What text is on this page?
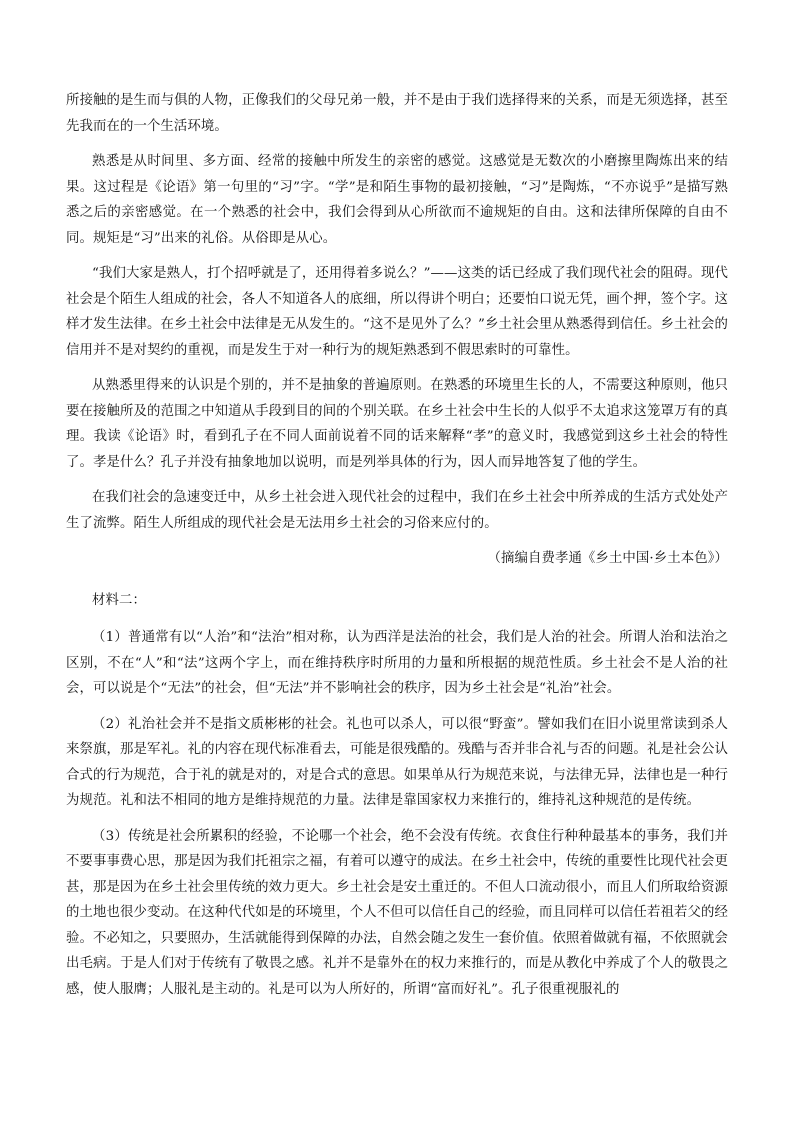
所接触的是生而与俱的人物，正像我们的父母兄弟一般，并不是由于我们选择得来的关系，而是无须选择，甚至先我而在的一个生活环境。

熟悉是从时间里、多方面、经常的接触中所发生的亲密的感觉。这感觉是无数次的小磨擦里陶炼出来的结果。这过程是《论语》第一句里的“习”字。“学”是和陌生事物的最初接触，“习”是陶炼，“不亦说乎”是描写熟悉之后的亲密感觉。在一个熟悉的社会中，我们会得到从心所欲而不逾规矩的自由。这和法律所保障的自由不同。规矩是“习”出来的礼俗。从俗即是从心。

“我们大家是熟人，打个招呼就是了，还用得着多说么？”——这类的话已经成了我们现代社会的阻碍。现代社会是个陌生人组成的社会，各人不知道各人的底细，所以得讲个明白；还要怕口说无凭，画个押，签个字。这样才发生法律。在乡土社会中法律是无从发生的。“这不是见外了么？”乡土社会里从熟悉得到信任。乡土社会的信用并不是对契约的重视，而是发生于对一种行为的规矩熟悉到不假思索时的可靠性。

从熟悉里得来的认识是个别的，并不是抽象的普遍原则。在熟悉的环境里生长的人，不需要这种原则，他只要在接触所及的范围之中知道从手段到目的间的个别关联。在乡土社会中生长的人似乎不太追求这笼罩万有的真理。我读《论语》时，看到孔子在不同人面前说着不同的话来解释“孝”的意义时，我感觉到这乡土社会的特性了。孝是什么？孔子并没有抽象地加以说明，而是列举具体的行为，因人而异地答复了他的学生。

在我们社会的急速变迁中，从乡土社会进入现代社会的过程中，我们在乡土社会中所养成的生活方式处处产生了流弊。陌生人所组成的现代社会是无法用乡土社会的习俗来应付的。

（摘编自费孝通《乡土中国·乡土本色》）

材料二：

（1）普通常有以“人治”和“法治”相对称，认为西洋是法治的社会，我们是人治的社会。所谓人治和法治之区别，不在“人”和“法”这两个字上，而在维持秩序时所用的力量和所根据的规范性质。乡土社会不是人治的社会，可以说是个“无法”的社会，但“无法”并不影响社会的秩序，因为乡土社会是“礼治”社会。

（2）礼治社会并不是指文质彬彬的社会。礼也可以杀人，可以很“野蛮”。譬如我们在旧小说里常读到杀人来祭旗，那是军礼。礼的内容在现代标准看去，可能是很残酷的。残酷与否并非合礼与否的问题。礼是社会公认合式的行为规范，合于礼的就是对的，对是合式的意思。如果单从行为规范来说，与法律无异，法律也是一种行为规范。礼和法不相同的地方是维持规范的力量。法律是靠国家权力来推行的，维持礼这种规范的是传统。

（3）传统是社会所累积的经验，不论哪一个社会，绝不会没有传统。衣食住行种种最基本的事务，我们并不要事事费心思，那是因为我们托祖宗之福，有着可以遵守的成法。在乡土社会中，传统的重要性比现代社会更甚，那是因为在乡土社会里传统的效力更大。乡土社会是安土重迁的。不但人口流动很小，而且人们所取给资源的土地也很少变动。在这种代代如是的环境里，个人不但可以信任自己的经验，而且同样可以信任若祖若父的经验。不必知之，只要照办，生活就能得到保障的办法，自然会随之发生一套价值。依照着做就有福，不依照就会出毛病。于是人们对于传统有了敬畏之感。礼并不是靠外在的权力来推行的，而是从教化中养成了个人的敬畏之感，使人服膺；人服礼是主动的。礼是可以为人所好的，所谓“富而好礼”。孔子很重视服礼的
